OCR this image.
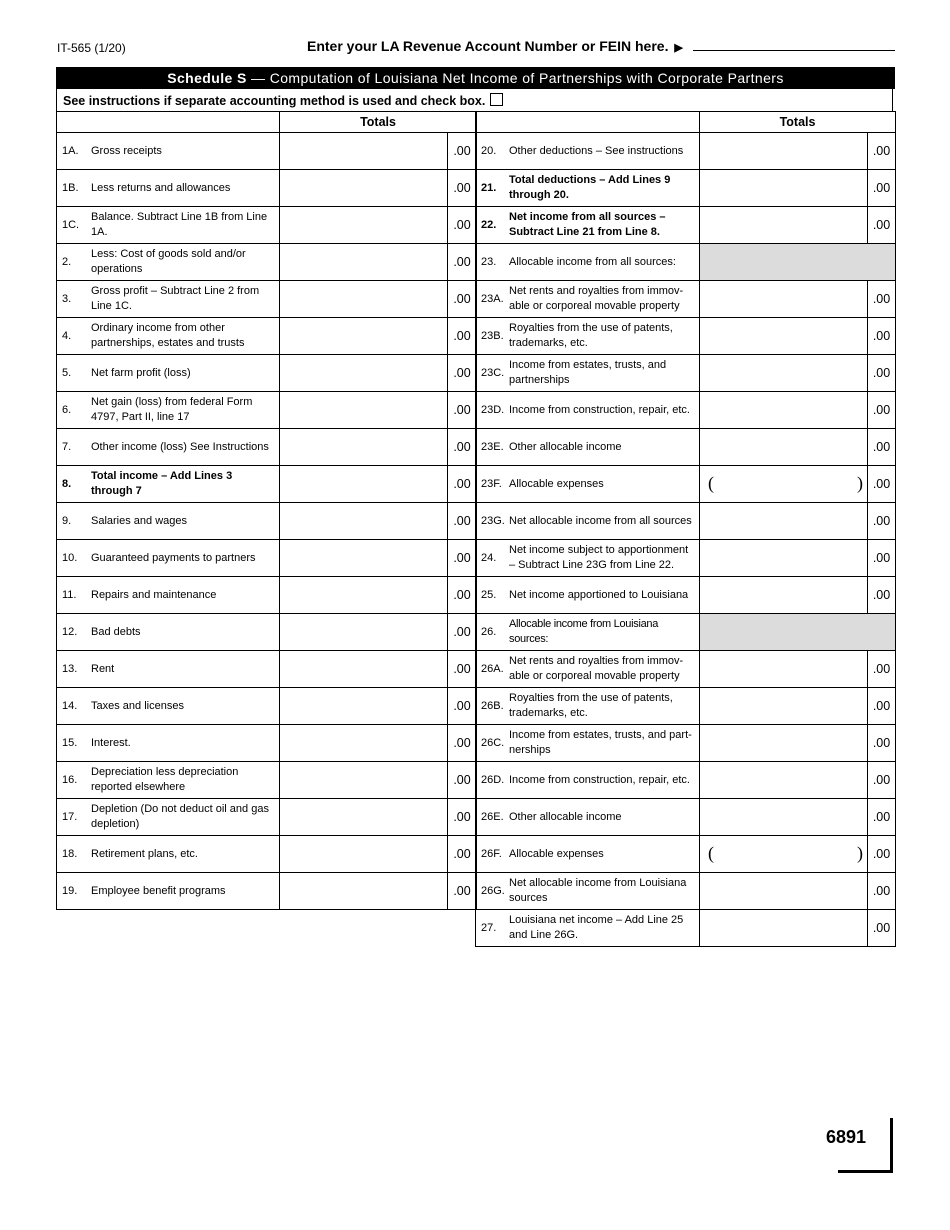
IT-565 (1/20)	Enter your LA Revenue Account Number or FEIN here. ▶
Schedule S — Computation of Louisiana Net Income of Partnerships with Corporate Partners
See instructions if separate accounting method is used and check box.
	Totals	

1A. Gross receipts		.00

1B. Less returns and allowances		.00

1C.
Balance. Subtract Line 1B from Line 1A.		.00

2.
Less: Cost of goods sold and/or operations		.00

3.
Gross profit – Subtract Line 2 from Line 1C.		.00

4.
Ordinary income from other partnerships, estates and trusts		.00

5. Net farm profit (loss)		.00

6.
Net gain (loss) from federal Form 4797, Part II, line 17		.00

7. Other income (loss) See Instructions		.00

8.
Total income – Add Lines 3 through 7		.00

9. Salaries and wages		.00

10. Guaranteed payments to partners		.00

11. Repairs and maintenance		.00

12. Bad debts		.00

13. Rent		.00

14. Taxes and licenses		.00

15. Interest.		.00

16.
Depreciation less depreciation reported elsewhere		.00

17.
Depletion (Do not deduct oil and gas depletion)		.00

18. Retirement plans, etc.		.00

19. Employee benefit programs		.00
	Totals	

20. Other deductions – See instructions		.00

21.
Total deductions – Add Lines 9 through 20.		.00

22.
Net income from all sources – Subtract Line 21 from Line 8.		.00

23. Allocable income from all sources:		

23A.
Net rents and royalties from immov-able or corporeal movable property		.00

23B.
Royalties from the use of patents, trademarks, etc.		.00

23C.
Income from estates, trusts, and partnerships		.00

23D. Income from construction, repair, etc.		.00

23E. Other allocable income		.00

23F. Allocable expenses	( )	.00

23G. Net allocable income from all sources		.00

24.
Net income subject to apportionment – Subtract Line 23G from Line 22.		.00

25. Net income apportioned to Louisiana		.00

26.
Allocable income from Louisiana sources:		

26A.
Net rents and royalties from immov-able or corporeal movable property		.00

26B.
Royalties from the use of patents, trademarks, etc.		.00

26C.
Income from estates, trusts, and part-nerships		.00

26D. Income from construction, repair, etc.		.00

26E. Other allocable income		.00

26F. Allocable expenses	( )	.00

26G.
Net allocable income from Louisiana sources		.00

27.
Louisiana net income – Add Line 25 and Line 26G.		.00
6891
